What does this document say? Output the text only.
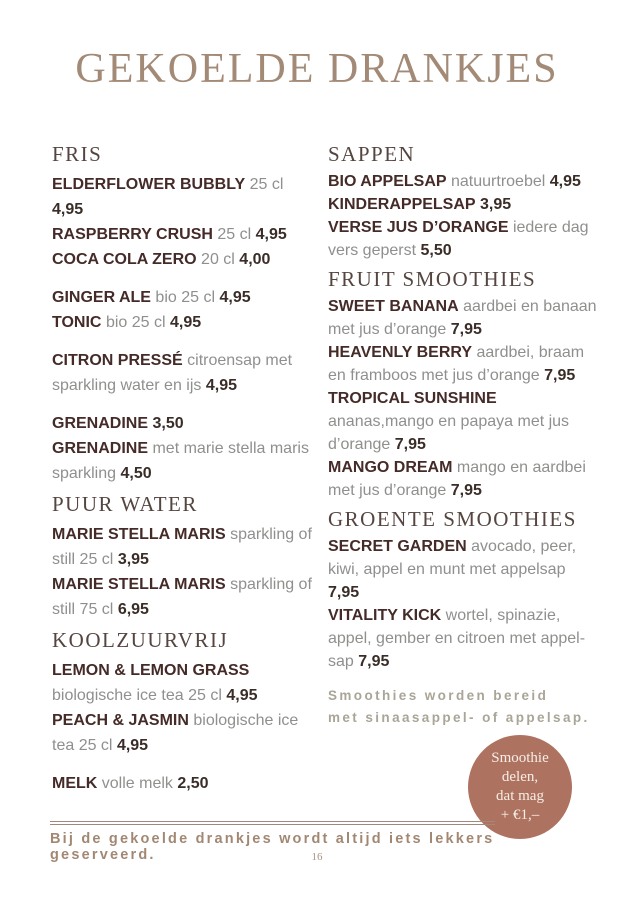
GEKOELDE DRANKJES
FRIS

ELDERFLOWER BUBBLY 25 cl 4,95

RASPBERRY CRUSH 25 cl 4,95

COCA COLA ZERO 20 cl 4,00

GINGER ALE bio 25 cl 4,95

TONIC bio 25 cl 4,95

CITRON PRESSÉ citroensap met sparkling water en ijs 4,95

GRENADINE 3,50

GRENADINE met marie stella maris sparkling 4,50

PUUR WATER

MARIE STELLA MARIS sparkling of still 25 cl 3,95

MARIE STELLA MARIS sparkling of still 75 cl 6,95

KOOLZUURVRIJ

LEMON & LEMON GRASS biologische ice tea 25 cl 4,95

PEACH & JASMIN biologische ice tea 25 cl 4,95

MELK volle melk 2,50

SAPPEN

BIO APPELSAP natuurtroebel 4,95

KINDERAPPELSAP 3,95

VERSE JUS D’ORANGE iedere dag vers geperst 5,50

FRUIT SMOOTHIES

SWEET BANANA aardbei en banaan met jus d’orange 7,95

HEAVENLY BERRY aardbei, braam en framboos met jus d’orange 7,95

TROPICAL SUNSHINE ananas,mango en papaya met jus d’orange 7,95

MANGO DREAM mango en aardbei met jus d’orange 7,95

GROENTE SMOOTHIES

SECRET GARDEN avocado, peer, kiwi, appel en munt met appelsap 7,95

VITALITY KICK wortel, spinazie, appel, gember en citroen met appelsap 7,95

Smoothies worden bereid
met sinaasappel- of appelsap.
Smoothie
delen,
dat mag
+ €1,–
Bij de gekoelde drankjes wordt altijd iets lekkers geserveerd.	16
